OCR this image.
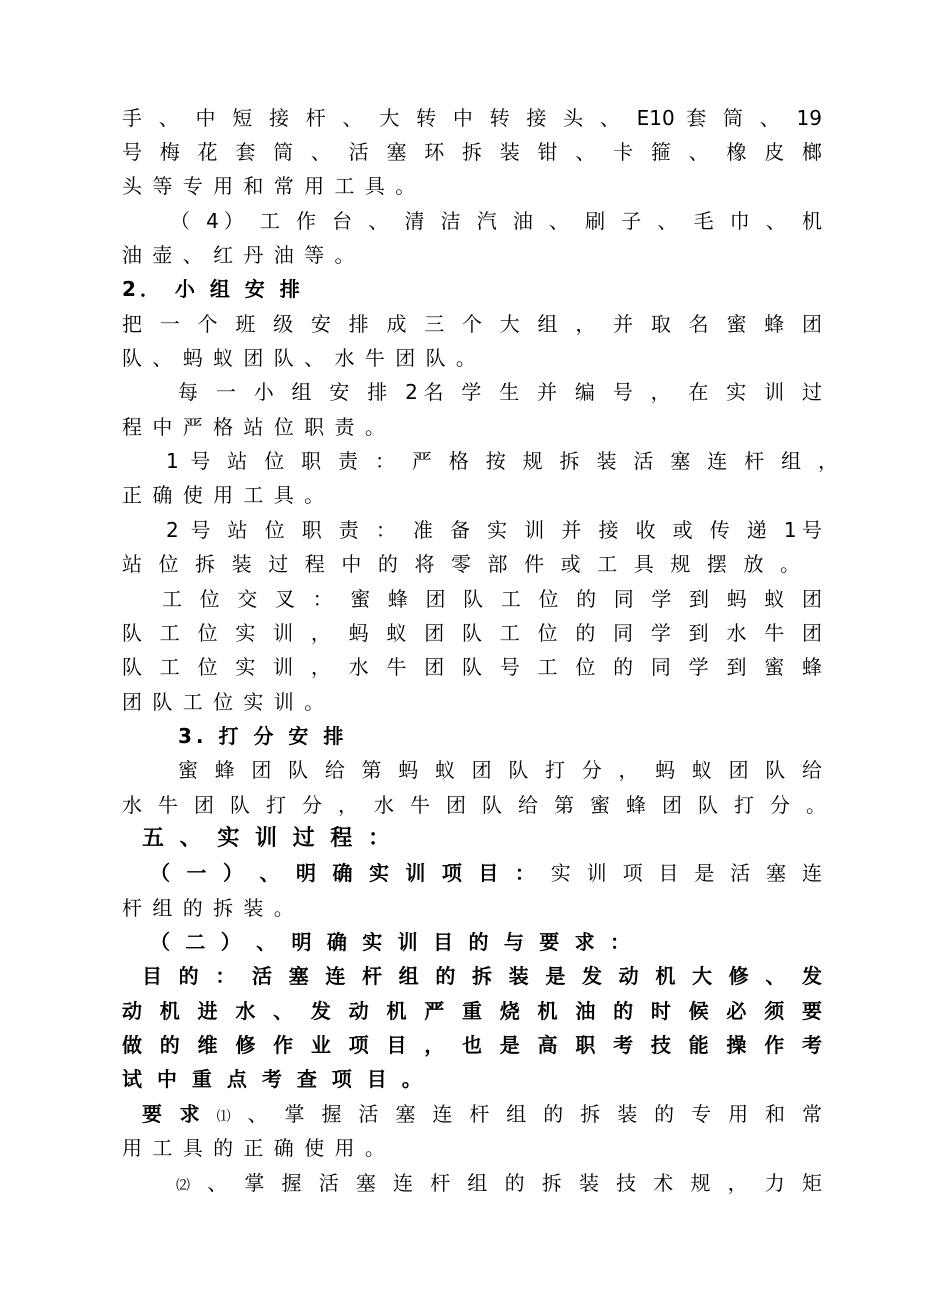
手 、 中 短 接 杆 、 大 转 中 转 接 头 、 E10 套 筒 、 19
号 梅 花 套 筒 、 活 塞 环 拆 装 钳 、 卡 箍 、 橡 皮 榔
头 等 专 用 和 常 用 工 具 。
（ 4） 工 作 台 、 清 洁 汽 油 、 刷 子 、 毛 巾 、 机
油 壶 、 红 丹 油 等 。
2． 小 组 安 排
把 一 个 班 级 安 排 成 三 个 大 组 ， 并 取 名 蜜 蜂 团
队 、 蚂 蚁 团 队 、 水 牛 团 队 。
每 一 小 组 安 排 2名 学 生 并 编 号 ， 在 实 训 过
程 中 严 格 站 位 职 责 。
1 号 站 位 职 责 ： 严 格 按 规 拆 装 活 塞 连 杆 组 ，
正 确 使 用 工 具 。
2 号 站 位 职 责 ： 准 备 实 训 并 接 收 或 传 递 1号
站 位 拆 装 过 程 中 的 将 零 部 件 或 工 具 规 摆 放 。
工 位 交 叉 ： 蜜 蜂 团 队 工 位 的 同 学 到 蚂 蚁 团
队 工 位 实 训 ， 蚂 蚁 团 队 工 位 的 同 学 到 水 牛 团
队 工 位 实 训 ， 水 牛 团 队 号 工 位 的 同 学 到 蜜 蜂
团 队 工 位 实 训 。
3. 打 分 安 排
蜜 蜂 团 队 给 第 蚂 蚁 团 队 打 分 ， 蚂 蚁 团 队 给
水 牛 团 队 打 分 ， 水 牛 团 队 给 第 蜜 蜂 团 队 打 分 。
五 、 实 训 过 程 ：
（ 一 ） 、 明 确 实 训 项 目 ： 实 训 项 目 是 活 塞 连
杆 组 的 拆 装 。
（ 二 ） 、 明 确 实 训 目 的 与 要 求 ：
目 的 ： 活 塞 连 杆 组 的 拆 装 是 发 动 机 大 修 、 发
动 机 进 水 、 发 动 机 严 重 烧 机 油 的 时 候 必 须 要
做 的 维 修 作 业 项 目 ， 也 是 高 职 考 技 能 操 作 考
试 中 重 点 考 查 项 目 。
要 求 ⑴ 、 掌 握 活 塞 连 杆 组 的 拆 装 的 专 用 和 常
用 工 具 的 正 确 使 用 。
⑵ 、 掌 握 活 塞 连 杆 组 的 拆 装 技 术 规 ， 力 矩
